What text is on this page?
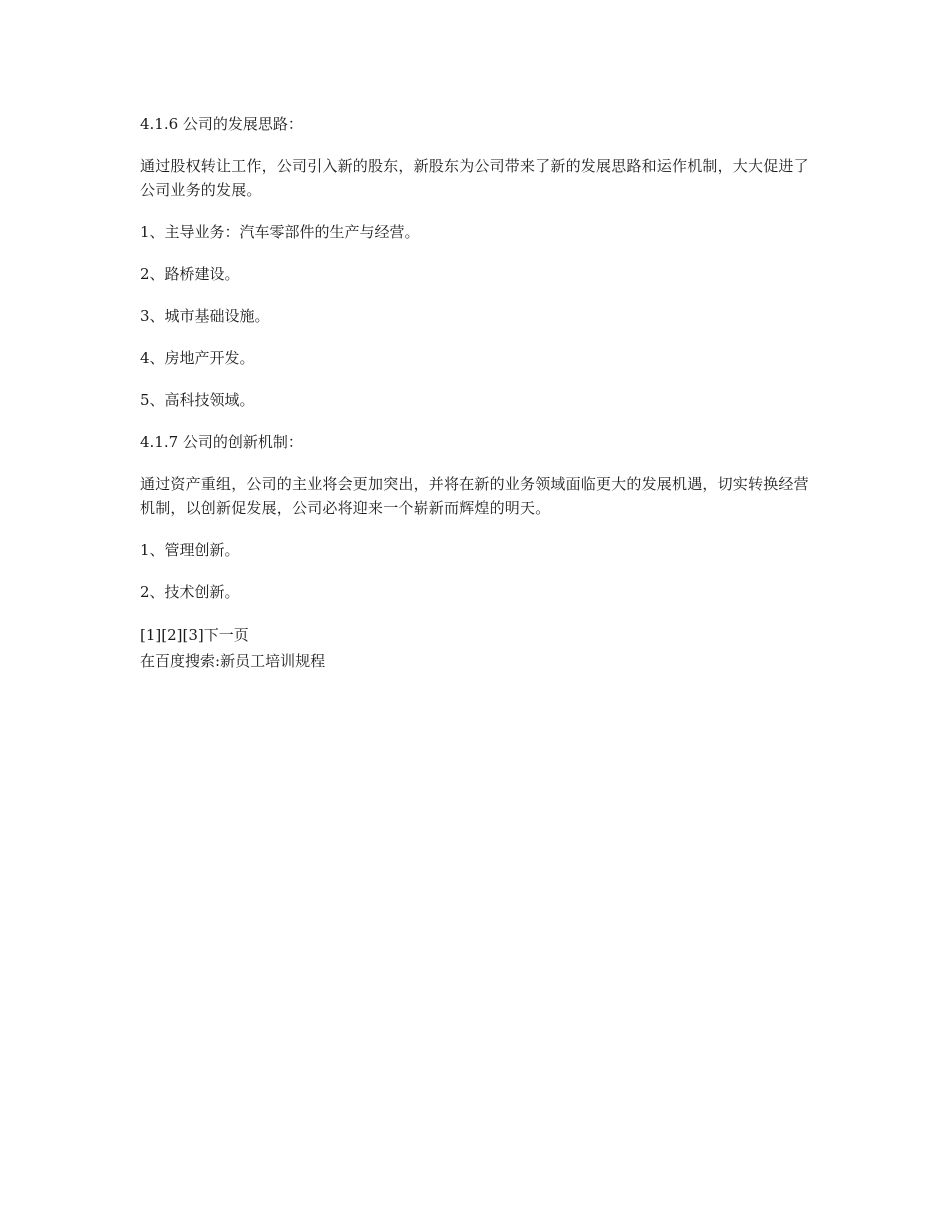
4.1.6 公司的发展思路：

通过股权转让工作，公司引入新的股东，新股东为公司带来了新的发展思路和运作机制，大大促进了公司业务的发展。

1、主导业务：汽车零部件的生产与经营。

2、路桥建设。

3、城市基础设施。

4、房地产开发。

5、高科技领域。

4.1.7 公司的创新机制：

通过资产重组，公司的主业将会更加突出，并将在新的业务领域面临更大的发展机遇，切实转换经营机制，以创新促发展，公司必将迎来一个崭新而辉煌的明天。

1、管理创新。

2、技术创新。

[1][2][3]下一页
在百度搜索:新员工培训规程
